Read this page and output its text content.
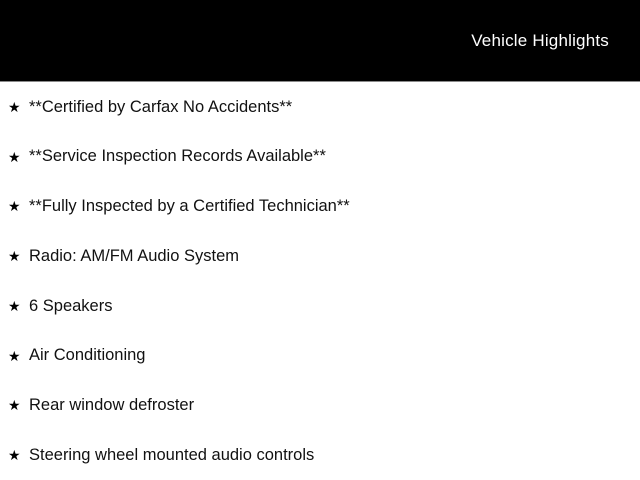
Vehicle Highlights
★ **Certified by Carfax No Accidents**
★ **Service Inspection Records Available**
★ **Fully Inspected by a Certified Technician**
★ Radio: AM/FM Audio System
★ 6 Speakers
★ Air Conditioning
★ Rear window defroster
★ Steering wheel mounted audio controls
